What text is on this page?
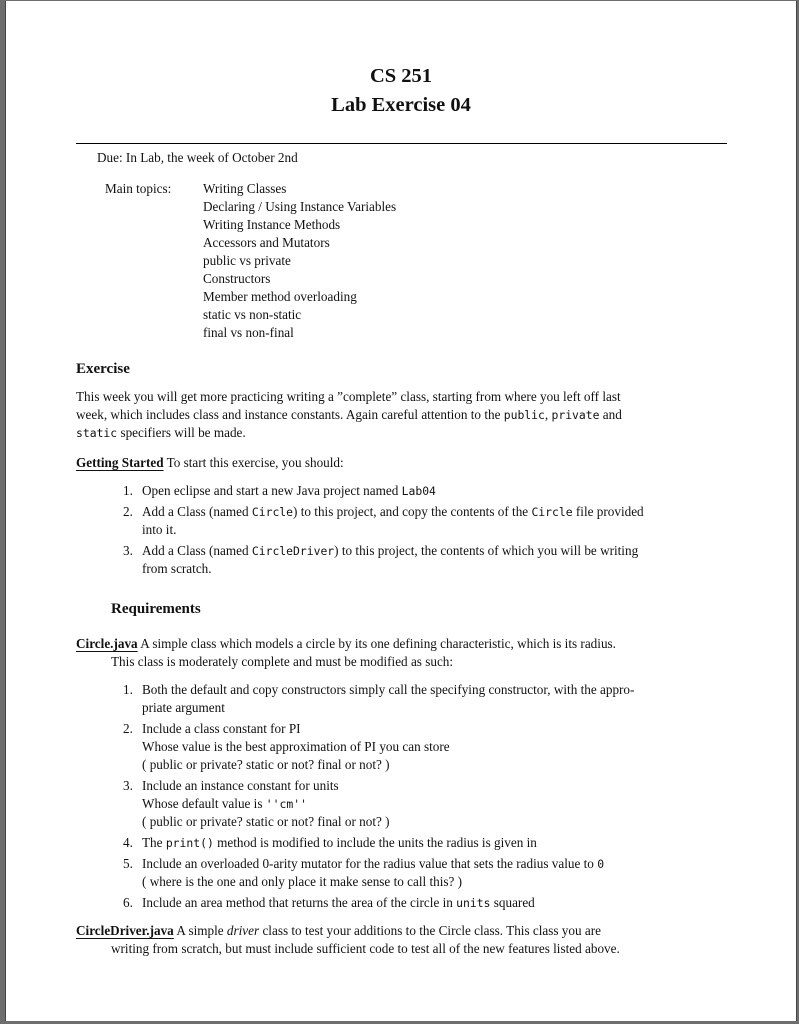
CS 251
Lab Exercise 04
Due: In Lab, the week of October 2nd
Main topics: Writing Classes
Declaring / Using Instance Variables
Writing Instance Methods
Accessors and Mutators
public vs private
Constructors
Member method overloading
static vs non-static
final vs non-final
Exercise
This week you will get more practicing writing a ”complete” class, starting from where you left off last
week, which includes class and instance constants. Again careful attention to the public, private and
static specifiers will be made.
Getting Started To start this exercise, you should:
1. Open eclipse and start a new Java project named Lab04
2. Add a Class (named Circle) to this project, and copy the contents of the Circle file provided
into it.
3. Add a Class (named CircleDriver) to this project, the contents of which you will be writing
from scratch.
Requirements
Circle.java A simple class which models a circle by its one defining characteristic, which is its radius.
This class is moderately complete and must be modified as such:
1. Both the default and copy constructors simply call the specifying constructor, with the appro-
priate argument
2. Include a class constant for PI
Whose value is the best approximation of PI you can store
( public or private? static or not? final or not? )
3. Include an instance constant for units
Whose default value is ''cm''
( public or private? static or not? final or not? )
4. The print() method is modified to include the units the radius is given in
5. Include an overloaded 0-arity mutator for the radius value that sets the radius value to 0
( where is the one and only place it make sense to call this? )
6. Include an area method that returns the area of the circle in units squared
CircleDriver.java A simple driver class to test your additions to the Circle class. This class you are
writing from scratch, but must include sufficient code to test all of the new features listed above.
